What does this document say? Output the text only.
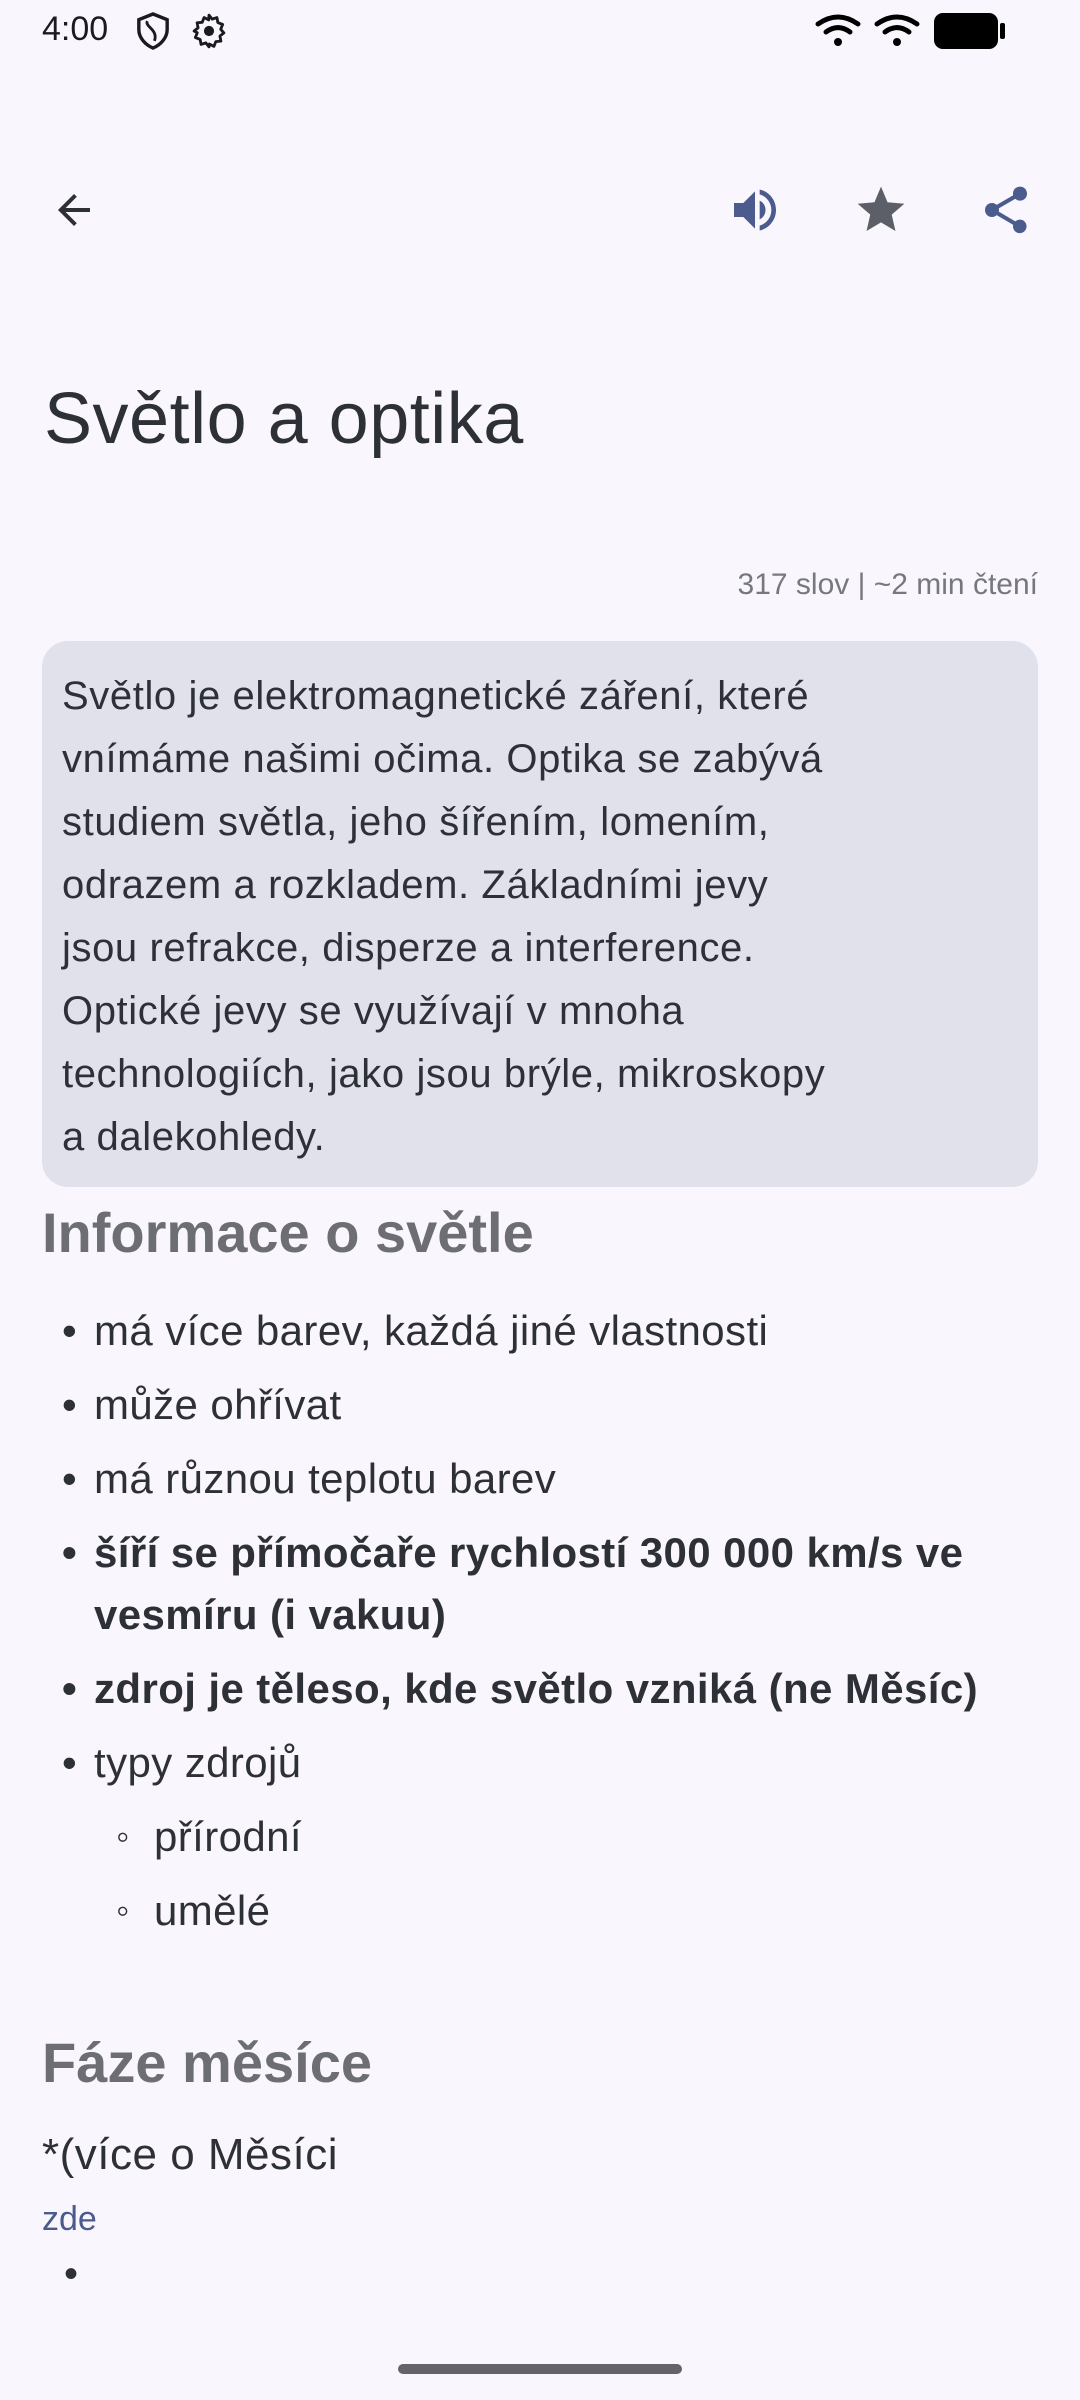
4:00
Světlo a optika
317 slov | ~2 min čtení

Světlo je elektromagnetické záření, které

vnímáme našimi očima. Optika se zabývá

studiem světla, jeho šířením, lomením,

odrazem a rozkladem. Základními jevy

jsou refrakce, disperze a interference.

Optické jevy se využívají v mnoha

technologiích, jako jsou brýle, mikroskopy

a dalekohledy.

Informace o světle
• má více barev, každá jiné vlastnosti
• může ohřívat
• má různou teplotu barev
• šíří se přímočaře rychlostí 300 000 km/s ve vesmíru (i vakuu)
• zdroj je těleso, kde světlo vzniká (ne Měsíc)
• typy zdrojů
◦ přírodní
◦ umělé
Fáze měsíce
*(více o Měsíci
zde
•
